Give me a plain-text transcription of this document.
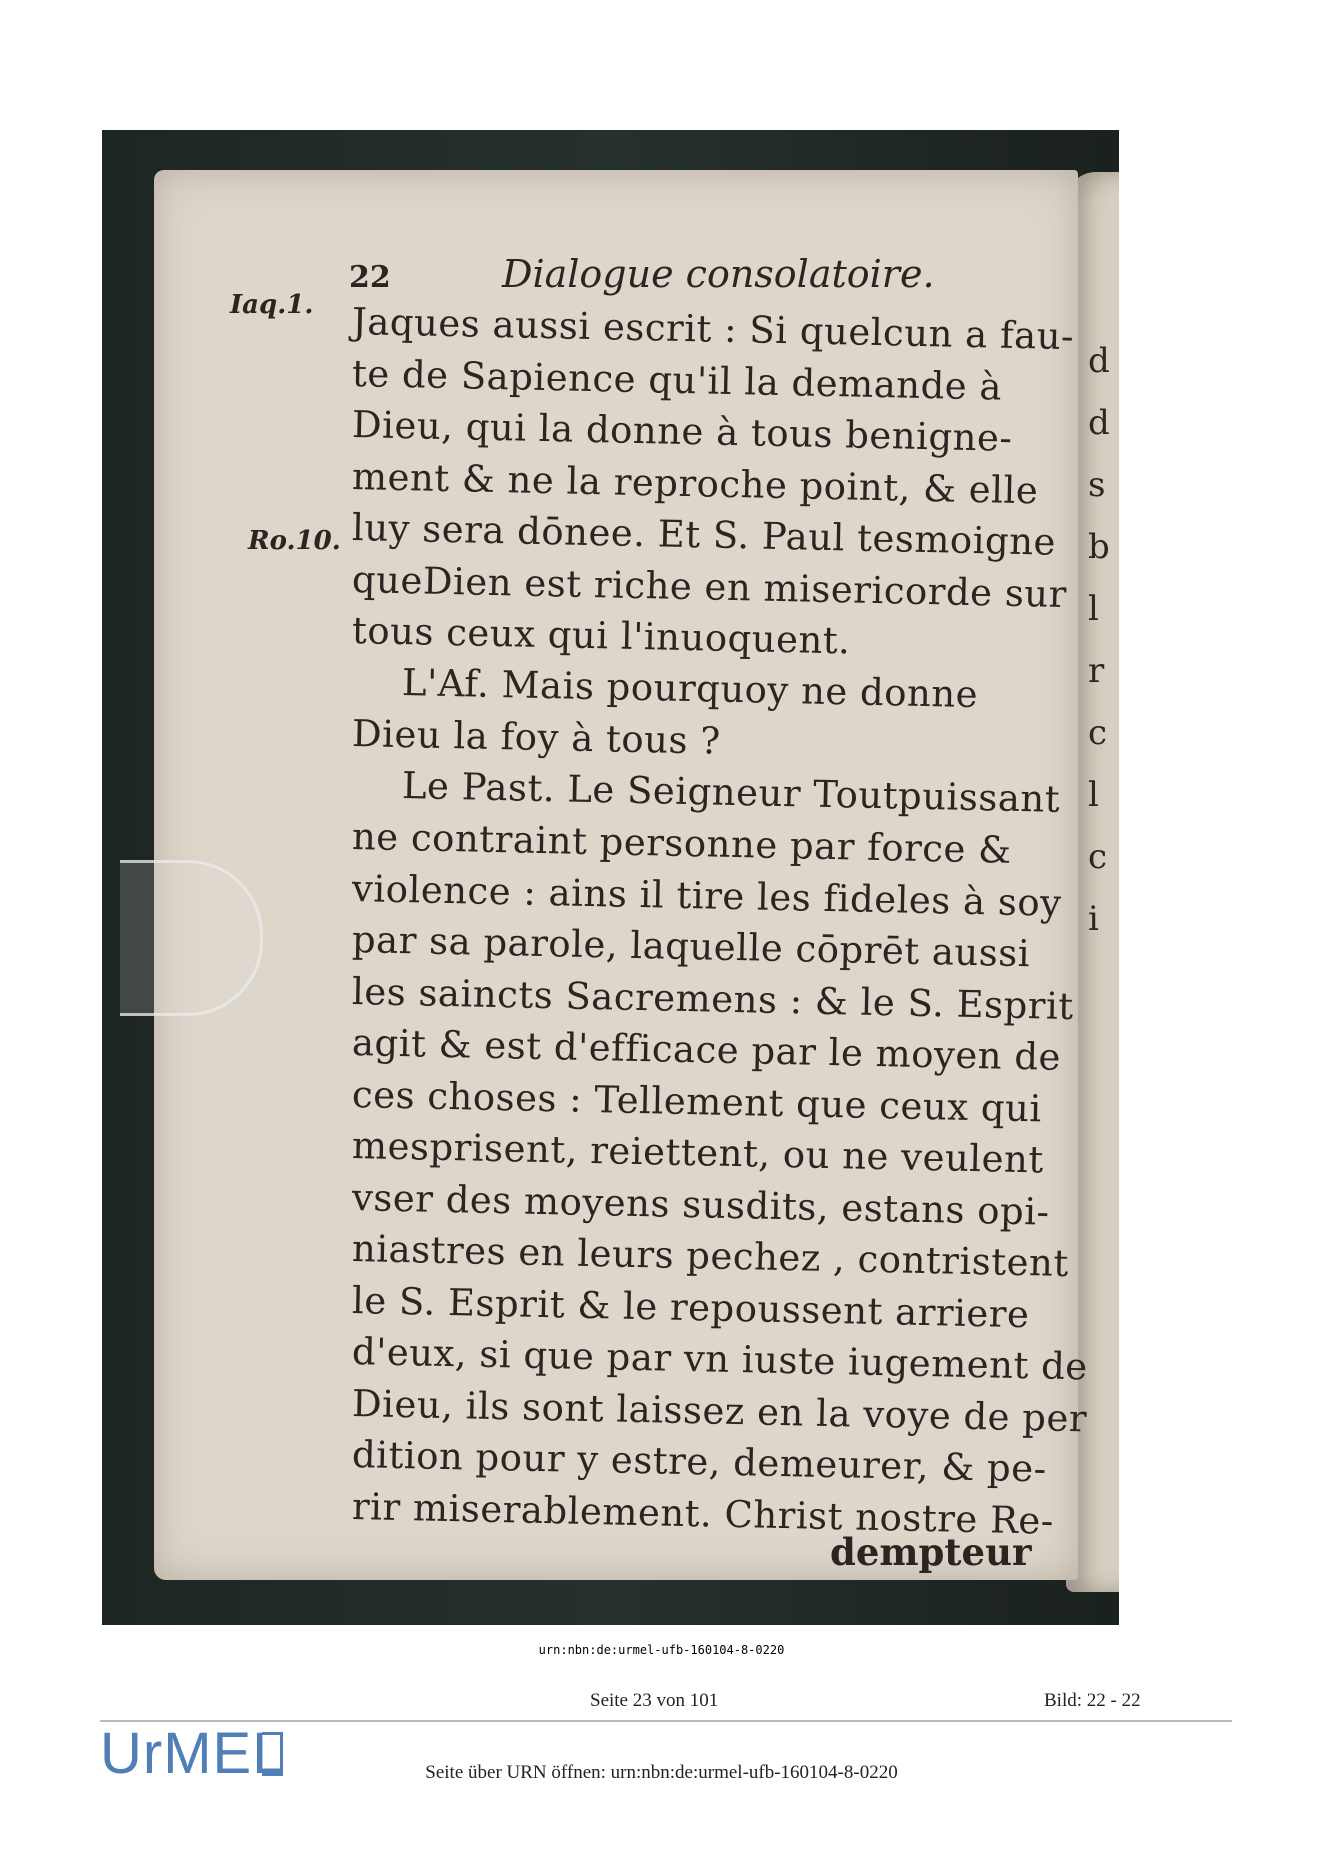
22	Dialogue consolatoire.
Iaq.1.
Ro.10.
Jaques aussi escrit : Si quelcun a fau-
te de Sapience qu'il la demande à
Dieu, qui la donne à tous benigne-
ment & ne la reproche point, & elle
luy sera dōnee. Et S. Paul tesmoigne
queDien est riche en misericorde sur
tous ceux qui l'inuoquent.
L'Af. Mais pourquoy ne donne
Dieu la foy à tous ?
Le Past. Le Seigneur Toutpuissant
ne contraint personne par force &
violence : ains il tire les fideles à soy
par sa parole, laquelle cōprēt aussi
les saincts Sacremens : & le S. Esprit
agit & est d'efficace par le moyen de
ces choses : Tellement que ceux qui
mesprisent, reiettent, ou ne veulent
vser des moyens susdits, estans opi-
niastres en leurs pechez , contristent
le S. Esprit & le repoussent arriere
d'eux, si que par vn iuste iugement de
Dieu, ils sont laissez en la voye de per
dition pour y estre, demeurer, & pe-
rir miserablement. Christ nostre Re-
dempteur
d
d
s
b
l
r
c
l
c
i
urn:nbn:de:urmel-ufb-160104-8-0220
Seite 23 von 101	Bild: 22 - 22
UrMEL	Seite über URN öffnen: urn:nbn:de:urmel-ufb-160104-8-0220
